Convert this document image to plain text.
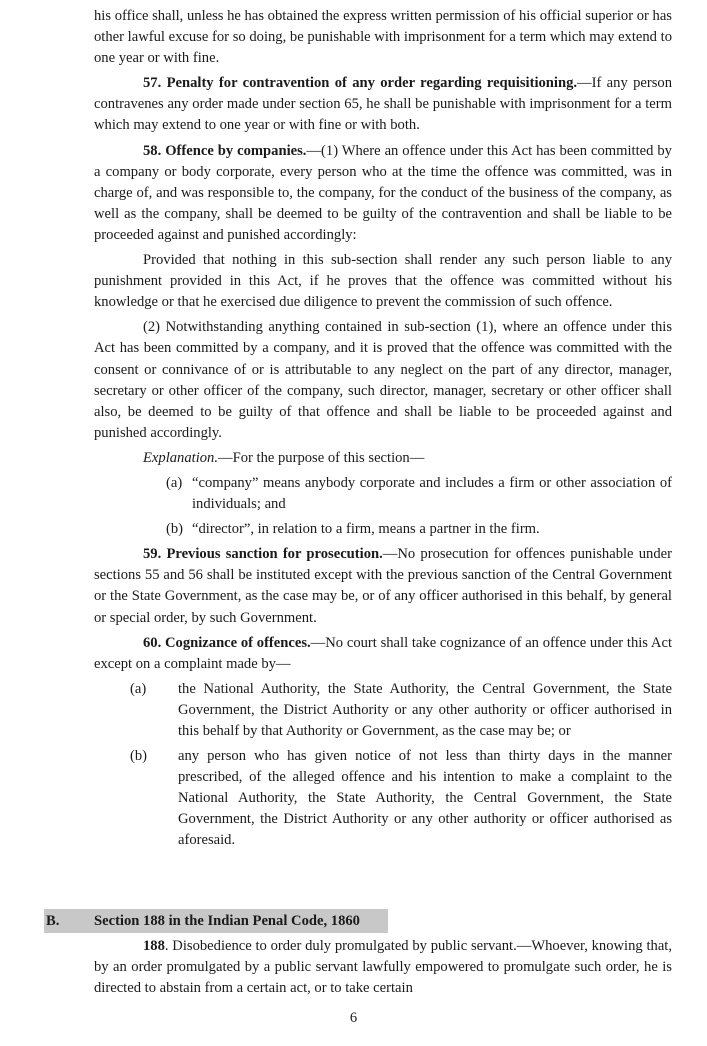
his office shall, unless he has obtained the express written permission of his official superior or has other lawful excuse for so doing, be punishable with imprisonment for a term which may extend to one year or with fine.

57. Penalty for contravention of any order regarding requisitioning.—If any person contravenes any order made under section 65, he shall be punishable with imprisonment for a term which may extend to one year or with fine or with both.

58. Offence by companies.—(1) Where an offence under this Act has been committed by a company or body corporate, every person who at the time the offence was committed, was in charge of, and was responsible to, the company, for the conduct of the business of the company, as well as the company, shall be deemed to be guilty of the contravention and shall be liable to be proceeded against and punished accordingly:

Provided that nothing in this sub-section shall render any such person liable to any punishment provided in this Act, if he proves that the offence was committed without his knowledge or that he exercised due diligence to prevent the commission of such offence.

(2) Notwithstanding anything contained in sub-section (1), where an offence under this Act has been committed by a company, and it is proved that the offence was committed with the consent or connivance of or is attributable to any neglect on the part of any director, manager, secretary or other officer of the company, such director, manager, secretary or other officer shall also, be deemed to be guilty of that offence and shall be liable to be proceeded against and punished accordingly.

Explanation.—For the purpose of this section—

(a) “company” means anybody corporate and includes a firm or other association of individuals; and
(b) “director”, in relation to a firm, means a partner in the firm.

59. Previous sanction for prosecution.—No prosecution for offences punishable under sections 55 and 56 shall be instituted except with the previous sanction of the Central Government or the State Government, as the case may be, or of any officer authorised in this behalf, by general or special order, by such Government.

60. Cognizance of offences.—No court shall take cognizance of an offence under this Act except on a complaint made by—

(a)	the National Authority, the State Authority, the Central Government, the State Government, the District Authority or any other authority or officer authorised in this behalf by that Authority or Government, as the case may be; or
(b)	any person who has given notice of not less than thirty days in the manner prescribed, of the alleged offence and his intention to make a complaint to the National Authority, the State Authority, the Central Government, the State Government, the District Authority or any other authority or officer authorised as aforesaid.
B. Section 188 in the Indian Penal Code, 1860

188. Disobedience to order duly promulgated by public servant.—Whoever, knowing that, by an order promulgated by a public servant lawfully empowered to promulgate such order, he is directed to abstain from a certain act, or to take certain

6
